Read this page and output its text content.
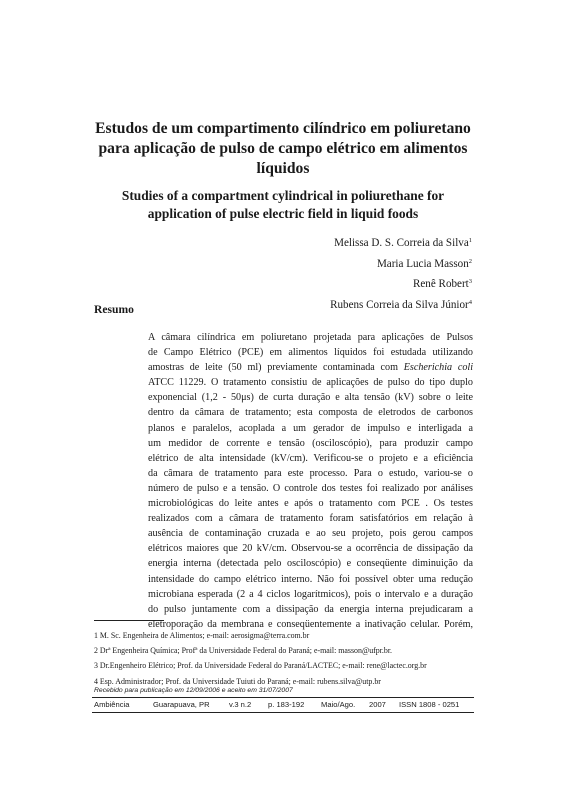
Estudos de um compartimento cilíndrico em poliuretano
para aplicação de pulso de campo elétrico em alimentos
líquidos
Studies of a compartment cylindrical in poliurethane for
application of pulse electric field in liquid foods
Melissa D. S. Correia da Silva$^1$
Maria Lucia Masson$^2$
Renê Robert$^3$
Rubens Correia da Silva Júnior$^4$
Resumo
A câmara cilíndrica em poliuretano projetada para aplicações de Pulsos
de Campo Elétrico (PCE) em alimentos líquidos foi estudada utilizando
amostras de leite (50 ml) previamente contaminada com Escherichia coli
ATCC 11229. O tratamento consistiu de aplicações de pulso do tipo duplo
exponencial (1,2 - 50μs) de curta duração e alta tensão (kV) sobre o leite
dentro da câmara de tratamento; esta composta de eletrodos de carbonos
planos e paralelos, acoplada a um gerador de impulso e interligada a
um medidor de corrente e tensão (osciloscópio), para produzir campo
elétrico de alta intensidade (kV/cm). Verificou-se o projeto e a eficiência
da câmara de tratamento para este processo. Para o estudo, variou-se o
número de pulso e a tensão. O controle dos testes foi realizado por análises
microbiológicas do leite antes e após o tratamento com PCE . Os testes
realizados com a câmara de tratamento foram satisfatórios em relação à
ausência de contaminação cruzada e ao seu projeto, pois gerou campos
elétricos maiores que 20 kV/cm. Observou-se a ocorrência de dissipação da
energia interna (detectada pelo osciloscópio) e conseqüente diminuição da
intensidade do campo elétrico interno. Não foi possível obter uma redução
microbiana esperada (2 a 4 ciclos logarítmicos), pois o intervalo e a duração
do pulso juntamente com a dissipação da energia interna prejudicaram a
eletroporação da membrana e conseqüentemente a inativação celular. Porém,
1 M. Sc. Engenheira de Alimentos; e-mail: aerosigma@terra.com.br
2 Drª Engenheira Química; Profª da Universidade Federal do Paraná; e-mail: masson@ufpr.br.
3 Dr.Engenheiro Elétrico; Prof. da Universidade Federal do Paraná/LACTEC; e-mail: rene@lactec.org.br
4 Esp. Administrador; Prof. da Universidade Tuiuti do Paraná; e-mail: rubens.silva@utp.br
Recebido para publicação em 12/09/2006 e aceito em 31/07/2007
Ambiência	Guarapuava, PR	v.3 n.2 p. 183-192 Maio/Ago. 2007 ISSN 1808 - 0251
